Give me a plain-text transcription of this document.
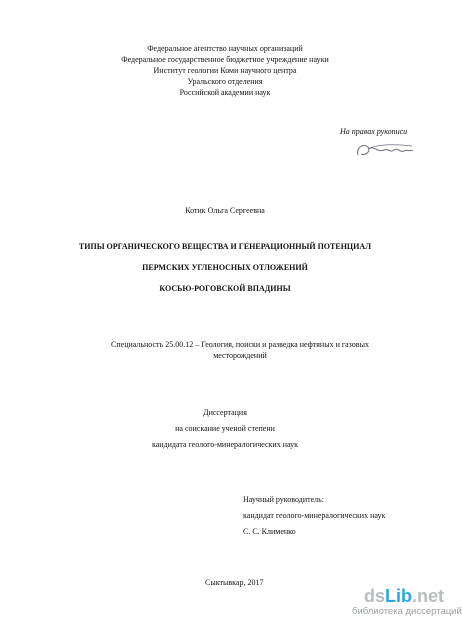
Федеральное агентство научных организаций
Федеральное государственное бюджетное учреждение науки
Институт геологии Коми научного центра
Уральского отделения
Российской академии наук
На правах рукописи
Котик Ольга Сергеевна
ТИПЫ ОРГАНИЧЕСКОГО ВЕЩЕСТВА И ГЕНЕРАЦИОННЫЙ ПОТЕНЦИАЛ
ПЕРМСКИХ УГЛЕНОСНЫХ ОТЛОЖЕНИЙ
КОСЬЮ-РОГОВСКОЙ ВПАДИНЫ
Специальность 25.00.12 – Геология, поиски и разведка нефтяных и газовых месторождений
Диссертация
на соискание ученой степени
кандидата геолого-минералогических наук
Научный руководитель:
кандидат геолого-минералогических наук
С. С. Клименко
Сыктывкар, 2017
ds Lib .net
библиотека диссертаций
